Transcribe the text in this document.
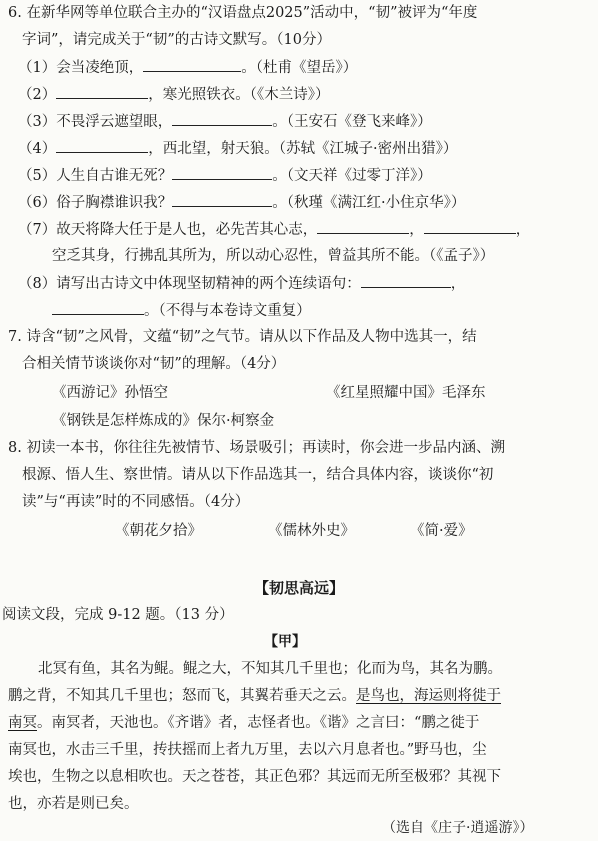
6. 在新华网等单位联合主办的“汉语盘点2025”活动中，“韧”被评为“年度
字词”，请完成关于“韧”的古诗文默写。（10分）
（1）会当凌绝顶，	。（杜甫《望岳》）
（2）	，寒光照铁衣。（《木兰诗》）
（3）不畏浮云遮望眼，	。（王安石《登飞来峰》）
（4）	，西北望，射天狼。（苏轼《江城子·密州出猎》）
（5）人生自古谁无死？	。（文天祥《过零丁洋》）
（6）俗子胸襟谁识我？	。（秋瑾《满江红·小住京华》）
（7）故天将降大任于是人也，必先苦其心志，	，	，
空乏其身，行拂乱其所为，所以动心忍性，曾益其所不能。（《孟子》）
（8）请写出古诗文中体现坚韧精神的两个连续语句：	，
。（不得与本卷诗文重复）
7. 诗含“韧”之风骨，文蕴“韧”之气节。请从以下作品及人物中选其一，结
合相关情节谈谈你对“韧”的理解。（4分）
《西游记》孙悟空	《红星照耀中国》毛泽东
《钢铁是怎样炼成的》保尔·柯察金
8. 初读一本书，你往往先被情节、场景吸引；再读时，你会进一步品内涵、溯
根源、悟人生、察世情。请从以下作品选其一，结合具体内容，谈谈你“初
读”与“再读”时的不同感悟。（4分）
《朝花夕拾》	《儒林外史》	《简·爱》
【韧思高远】
阅读文段，完成 9-12 题。（13 分）
【甲】
北冥有鱼，其名为鲲。鲲之大，不知其几千里也；化而为鸟，其名为鹏。
鹏之背，不知其几千里也；怒而飞，其翼若垂天之云。是鸟也，海运则将徙于
南冥。南冥者，天池也。《齐谐》者，志怪者也。《谐》之言曰：“鹏之徙于
南冥也，水击三千里，抟扶摇而上者九万里，去以六月息者也。”野马也，尘
埃也，生物之以息相吹也。天之苍苍，其正色邪？其远而无所至极邪？其视下
也，亦若是则已矣。
（选自《庄子·逍遥游》）
